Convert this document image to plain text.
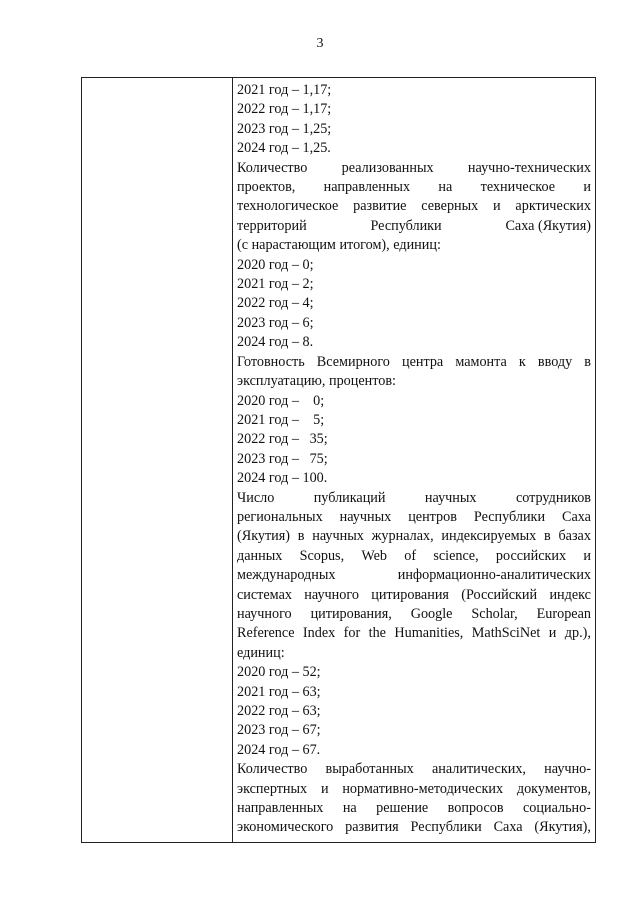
3
2021 год – 1,17;
2022 год – 1,17;
2023 год – 1,25;
2024 год – 1,25.
Количество реализованных научно-технических
проектов, направленных на техническое и
технологическое развитие северных и арктических
территорий	Республики	Саха (Якутия)
(с нарастающим итогом), единиц:
2020 год – 0;
2021 год – 2;
2022 год – 4;
2023 год – 6;
2024 год – 8.
Готовность Всемирного центра мамонта к вводу в
эксплуатацию, процентов:
2020 год –    0;
2021 год –    5;
2022 год –   35;
2023 год –   75;
2024 год – 100.
Число	публикаций	научных	сотрудников
региональных научных центров Республики Саха
(Якутия) в научных журналах, индексируемых в базах
данных Scopus, Web of science, российских и
международных	информационно-аналитических
системах научного цитирования (Российский индекс
научного цитирования, Google Scholar, European
Reference Index for the Humanities, MathSciNet и др.),
единиц:
2020 год – 52;
2021 год – 63;
2022 год – 63;
2023 год – 67;
2024 год – 67.
Количество выработанных аналитических, научно-
экспертных и нормативно-методических документов,
направленных на решение вопросов социально-
экономического развития Республики Саха (Якутия),
